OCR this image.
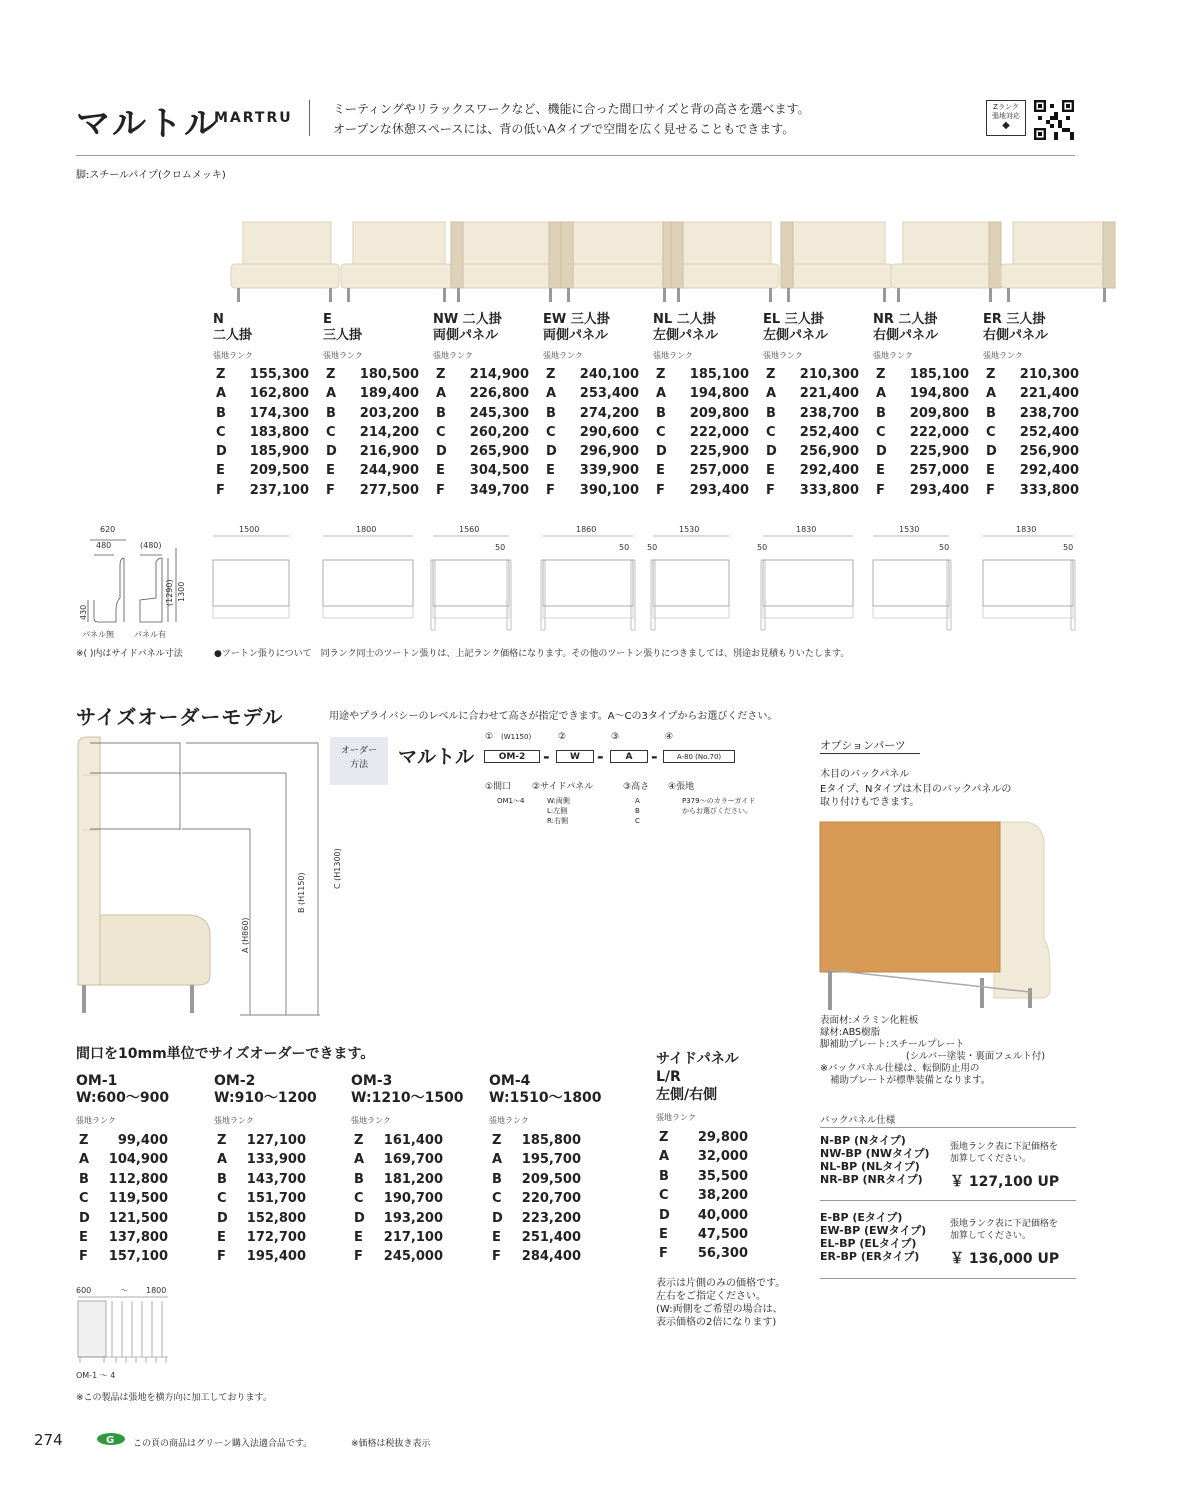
マルトル
MARTRU
ミーティングやリラックスワークなど、機能に合った間口サイズと背の高さを選べます。
オープンな休憩スペースには、背の低いAタイプで空間を広く見せることもできます。
Zランク
張地対応
◆
脚:スチールパイプ(クロムメッキ)
N
二人掛
張地ランク
Z	155,300
A	162,800
B	174,300
C	183,800
D	185,900
E	209,500
F	237,100
E
三人掛
張地ランク
Z	180,500
A	189,400
B	203,200
C	214,200
D	216,900
E	244,900
F	277,500
NW 二人掛
両側パネル
張地ランク
Z	214,900
A	226,800
B	245,300
C	260,200
D	265,900
E	304,500
F	349,700
EW 三人掛
両側パネル
張地ランク
Z	240,100
A	253,400
B	274,200
C	290,600
D	296,900
E	339,900
F	390,100
NL 二人掛
左側パネル
張地ランク
Z	185,100
A	194,800
B	209,800
C	222,000
D	225,900
E	257,000
F	293,400
EL 三人掛
左側パネル
張地ランク
Z	210,300
A	221,400
B	238,700
C	252,400
D	256,900
E	292,400
F	333,800
NR 二人掛
右側パネル
張地ランク
Z	185,100
A	194,800
B	209,800
C	222,000
D	225,900
E	257,000
F	293,400
ER 三人掛
右側パネル
張地ランク
Z	210,300
A	221,400
B	238,700
C	252,400
D	256,900
E	292,400
F	333,800
620
480	(480)
430
(1290) 1300
パネル無	パネル有
1500	1800	1560
50
1860
50
1530
50
1830
50
1530
50
1830
50
※( )内はサイドパネル寸法	●ツートン張りについて　同ランク同士のツートン張りは、上記ランク価格になります。その他のツートン張りにつきましては、別途お見積もりいたします。
サイズオーダーモデル	用途やプライバシーのレベルに合わせて高さが指定できます。A～Cの3タイプからお選びください。
A (H860)
B (H1150)
C (H1300)
オーダー
方法	マルトル
① (W1150)	②	③	④
OM-2	-	W	-	A	-	A-80 (No.70)
①間口 ②サイドパネル	③高さ ④張地
OM1～4	W:両側
L:左側
R:右側
A
B
C
P379～のカラーガイド
からお選びください。
間口を10mm単位でサイズオーダーできます。
OM-1
W:600～900
張地ランク
Z	99,400
A	104,900
B	112,800
C	119,500
D	121,500
E	137,800
F	157,100
OM-2
W:910～1200
張地ランク
Z	127,100
A	133,900
B	143,700
C	151,700
D	152,800
E	172,700
F	195,400
OM-3
W:1210～1500
張地ランク
Z	161,400
A	169,700
B	181,200
C	190,700
D	193,200
E	217,100
F	245,000
OM-4
W:1510～1800
張地ランク
Z	185,800
A	195,700
B	209,500
C	220,700
D	223,200
E	251,400
F	284,400
サイドパネル
L/R
左側/右側
張地ランク
Z	29,800
A	32,000
B	35,500
C	38,200
D	40,000
E	47,500
F	56,300
表示は片側のみの価格です。
左右をご指定ください。
(W:両側をご希望の場合は、
表示価格の2倍になります)
600	～ 1800
OM-1 ～ 4
※この製品は張地を横方向に加工しております。
オプションパーツ
木目のバックパネル
Eタイプ、Nタイプは木目のバックパネルの
取り付けもできます。
表面材:メラミン化粧板
縁材:ABS樹脂
脚補助プレート:スチールプレート
(シルバー塗装・裏面フェルト付)
※バックパネル仕様は、転倒防止用の
補助プレートが標準装備となります。
バックパネル仕様
N-BP (Nタイプ)
NW-BP (NWタイプ)
NL-BP (NLタイプ)
NR-BP (NRタイプ)
張地ランク表に下記価格を
加算してください。
￥ 127,100 UP
E-BP (Eタイプ)
EW-BP (EWタイプ)
EL-BP (ELタイプ)
ER-BP (ERタイプ)
張地ランク表に下記価格を
加算してください。
￥ 136,000 UP
274	G この頁の商品はグリーン購入法適合品です。	※価格は税抜き表示
